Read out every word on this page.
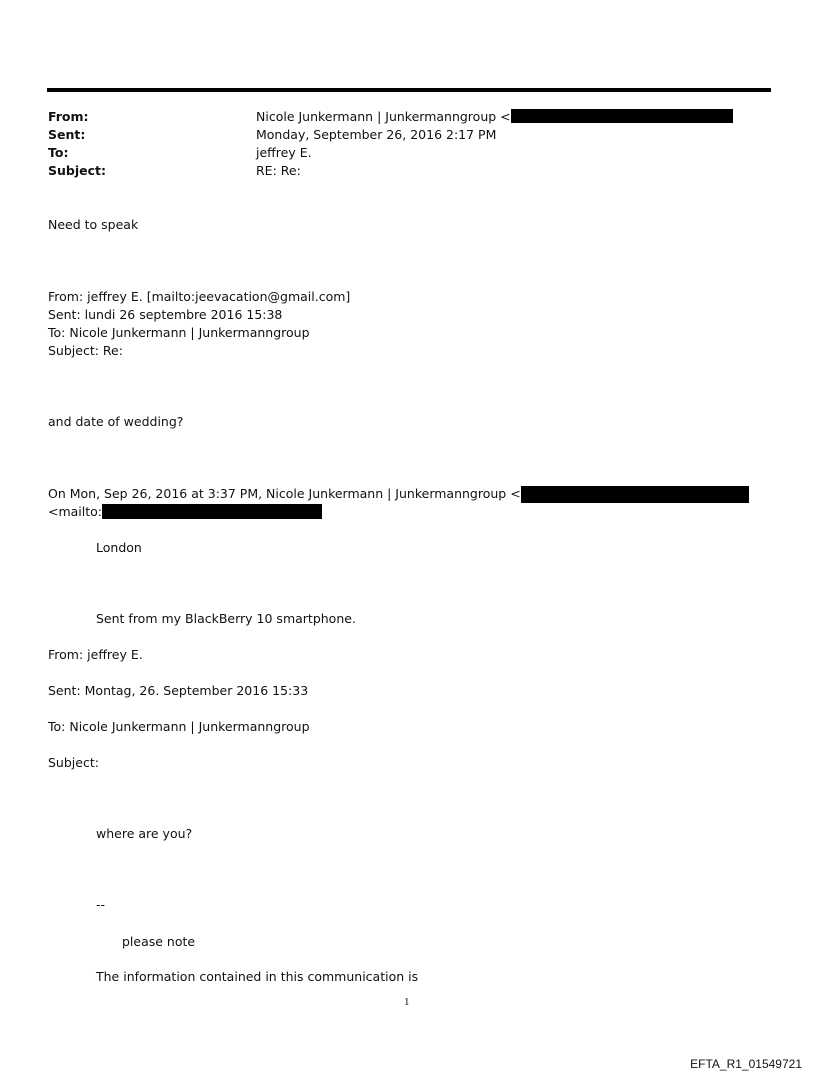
From:	Nicole Junkermann | Junkermanngroup <
Sent:	Monday, September 26, 2016 2:17 PM
To:	jeffrey E.
Subject:	RE: Re:
Need to speak
From: jeffrey E. [mailto:jeevacation@gmail.com]
Sent: lundi 26 septembre 2016 15:38
To: Nicole Junkermann | Junkermanngroup
Subject: Re:
and date of wedding?
On Mon, Sep 26, 2016 at 3:37 PM, Nicole Junkermann | Junkermanngroup <
<mailto:
London
Sent from my BlackBerry 10 smartphone.
From: jeffrey E.
Sent: Montag, 26. September 2016 15:33
To: Nicole Junkermann | Junkermanngroup
Subject:
where are you?
--
please note
The information contained in this communication is
1
EFTA_R1_01549721
